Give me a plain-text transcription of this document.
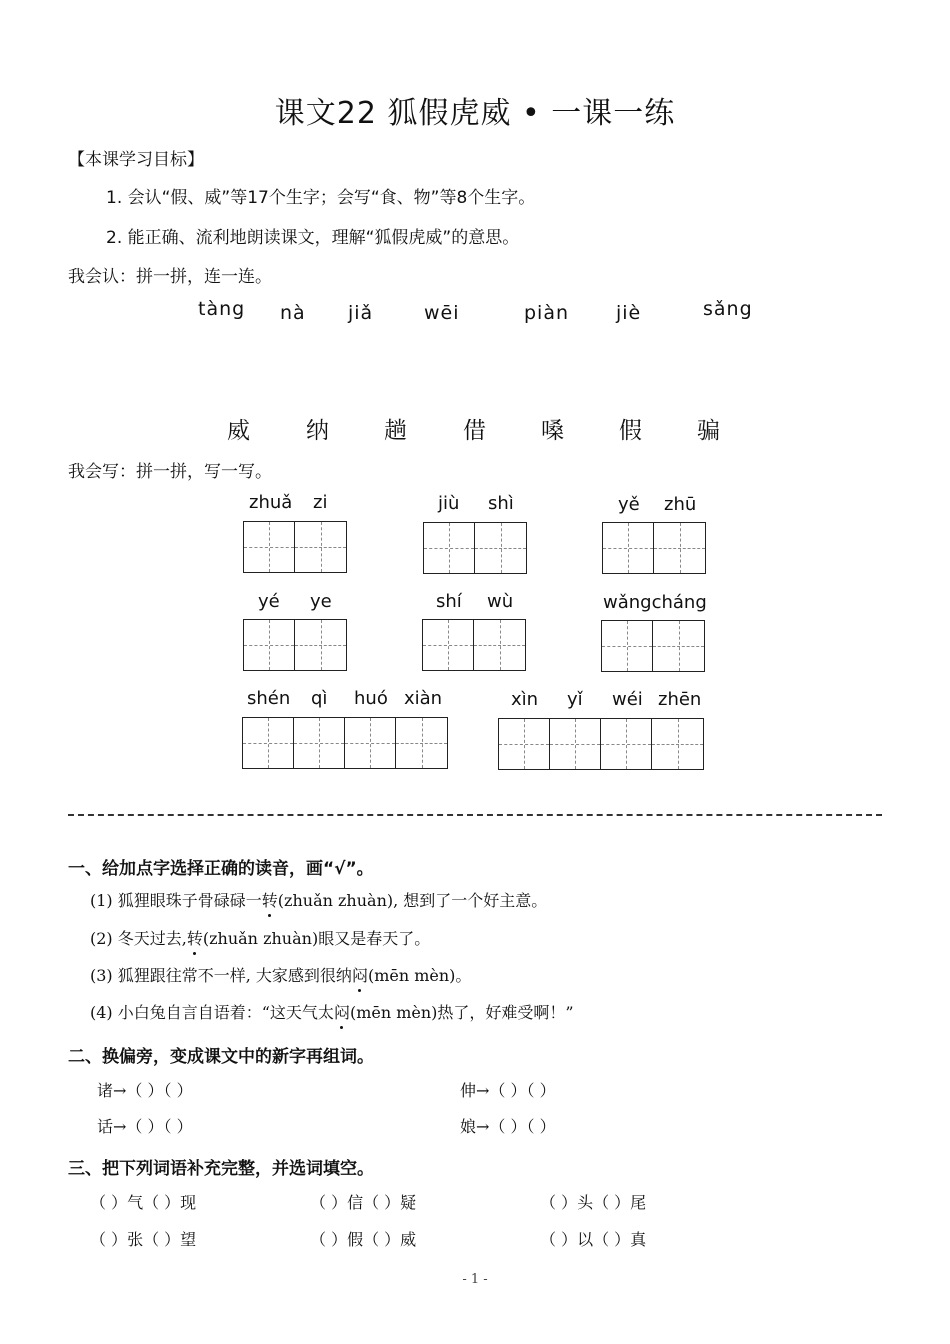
课文22 狐假虎威 • 一课一练
【本课学习目标】
1. 会认“假、威”等17个生字；会写“食、物”等8个生字。
2. 能正确、流利地朗读课文，理解“狐假虎威”的意思。
我会认：拼一拼，连一连。
tàng nà jiǎ	wēi	piàn jiè	sǎng
威 纳 趟 借 嗓 假 骗
我会写：拼一拼，写一写。
zhuǎ zi	jiù shì	yě zhū
yé ye	shí wù	wǎngcháng
shén qì huó xiàn	xìn yǐ wéi zhēn
一、给加点字选择正确的读音，画“√”。
(1) 狐狸眼珠子骨碌碌一转(zhuǎn zhuàn), 想到了一个好主意。
(2) 冬天过去,转(zhuǎn zhuàn)眼又是春天了。
(3) 狐狸跟往常不一样, 大家感到很纳闷(mēn mèn)。
(4) 小白兔自言自语着：“这天气太闷(mēn mèn)热了，好难受啊！”
二、换偏旁，变成课文中的新字再组词。
诸→（ ）（ ）	伸→（ ）（ ）
话→（ ）（ ）	娘→（ ）（ ）
三、把下列词语补充完整，并选词填空。
（ ）气（ ）现	（ ）信（ ）疑	（ ）头（ ）尾
（ ）张（ ）望	（ ）假（ ）威	（ ）以（ ）真
- 1 -
